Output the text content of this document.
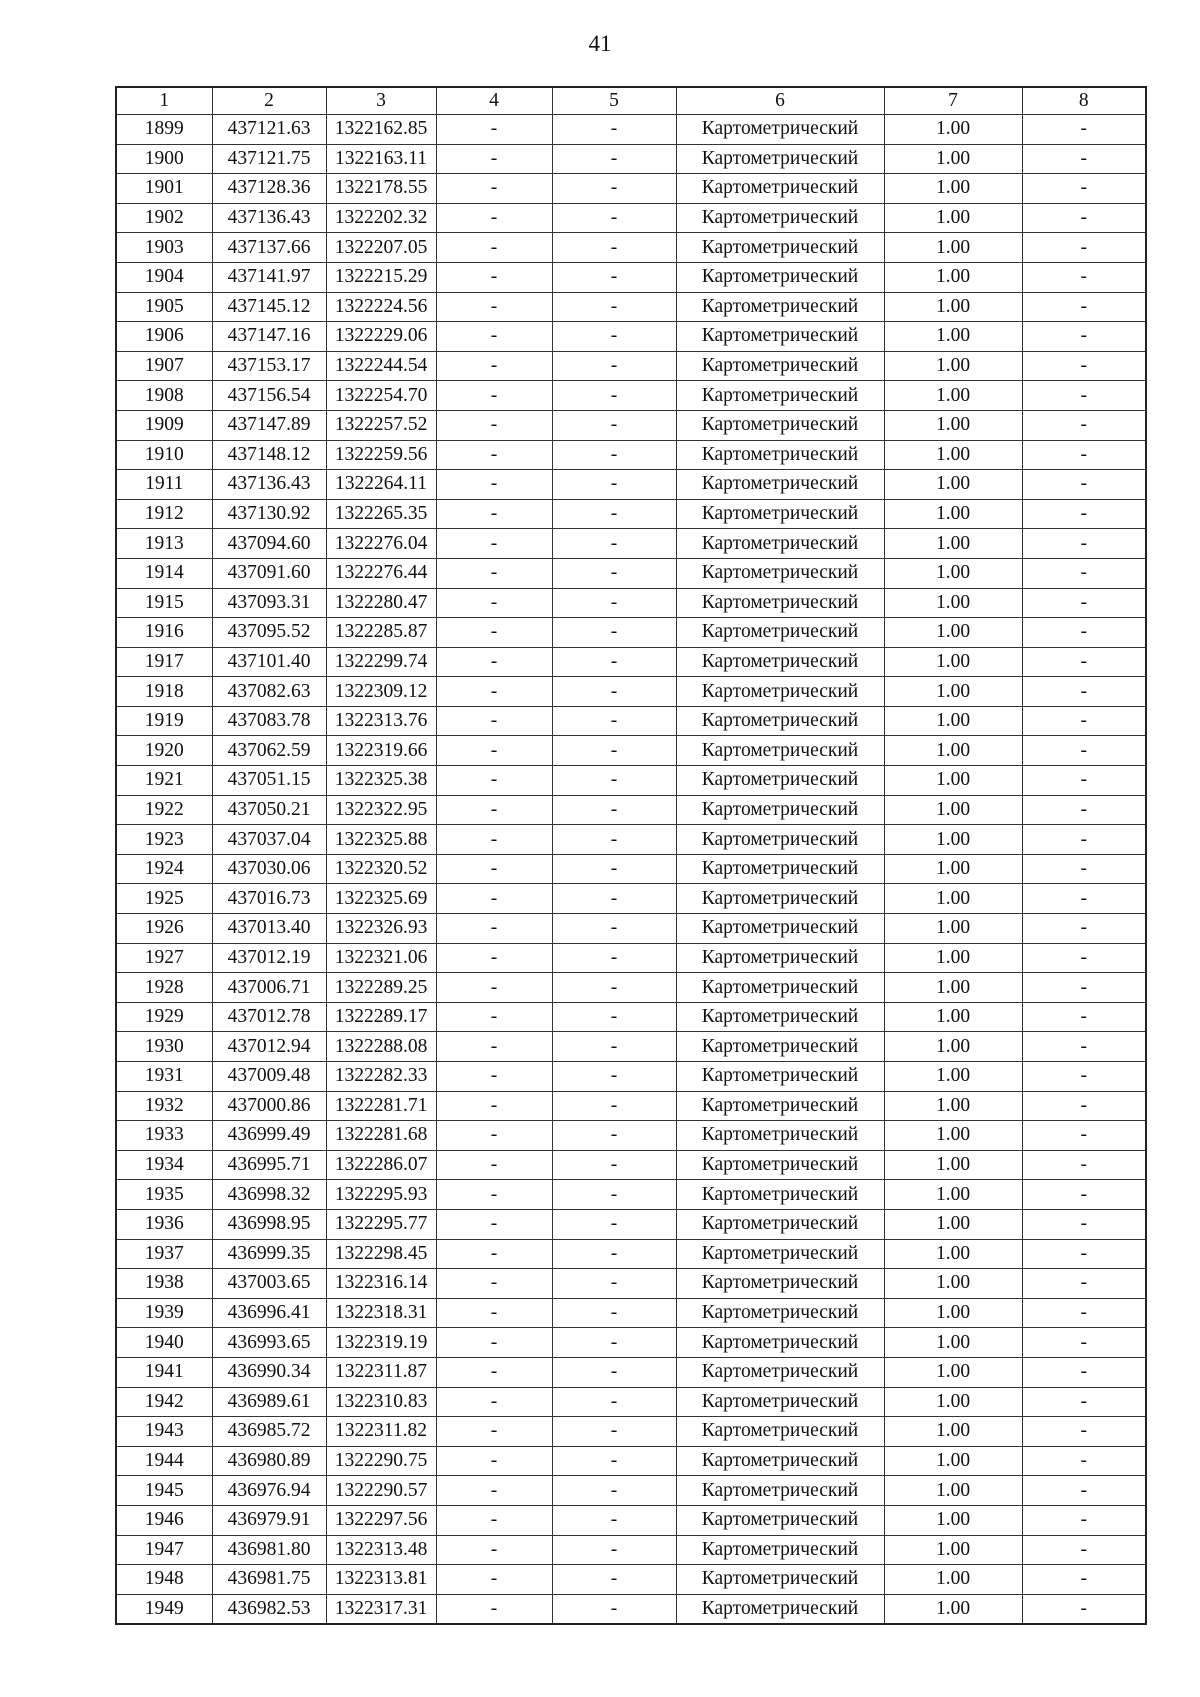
41
1	2	3	4	5	6	7	8
1899	437121.63	1322162.85	-	-	Картометрический	1.00	-
1900	437121.75	1322163.11	-	-	Картометрический	1.00	-
1901	437128.36	1322178.55	-	-	Картометрический	1.00	-
1902	437136.43	1322202.32	-	-	Картометрический	1.00	-
1903	437137.66	1322207.05	-	-	Картометрический	1.00	-
1904	437141.97	1322215.29	-	-	Картометрический	1.00	-
1905	437145.12	1322224.56	-	-	Картометрический	1.00	-
1906	437147.16	1322229.06	-	-	Картометрический	1.00	-
1907	437153.17	1322244.54	-	-	Картометрический	1.00	-
1908	437156.54	1322254.70	-	-	Картометрический	1.00	-
1909	437147.89	1322257.52	-	-	Картометрический	1.00	-
1910	437148.12	1322259.56	-	-	Картометрический	1.00	-
1911	437136.43	1322264.11	-	-	Картометрический	1.00	-
1912	437130.92	1322265.35	-	-	Картометрический	1.00	-
1913	437094.60	1322276.04	-	-	Картометрический	1.00	-
1914	437091.60	1322276.44	-	-	Картометрический	1.00	-
1915	437093.31	1322280.47	-	-	Картометрический	1.00	-
1916	437095.52	1322285.87	-	-	Картометрический	1.00	-
1917	437101.40	1322299.74	-	-	Картометрический	1.00	-
1918	437082.63	1322309.12	-	-	Картометрический	1.00	-
1919	437083.78	1322313.76	-	-	Картометрический	1.00	-
1920	437062.59	1322319.66	-	-	Картометрический	1.00	-
1921	437051.15	1322325.38	-	-	Картометрический	1.00	-
1922	437050.21	1322322.95	-	-	Картометрический	1.00	-
1923	437037.04	1322325.88	-	-	Картометрический	1.00	-
1924	437030.06	1322320.52	-	-	Картометрический	1.00	-
1925	437016.73	1322325.69	-	-	Картометрический	1.00	-
1926	437013.40	1322326.93	-	-	Картометрический	1.00	-
1927	437012.19	1322321.06	-	-	Картометрический	1.00	-
1928	437006.71	1322289.25	-	-	Картометрический	1.00	-
1929	437012.78	1322289.17	-	-	Картометрический	1.00	-
1930	437012.94	1322288.08	-	-	Картометрический	1.00	-
1931	437009.48	1322282.33	-	-	Картометрический	1.00	-
1932	437000.86	1322281.71	-	-	Картометрический	1.00	-
1933	436999.49	1322281.68	-	-	Картометрический	1.00	-
1934	436995.71	1322286.07	-	-	Картометрический	1.00	-
1935	436998.32	1322295.93	-	-	Картометрический	1.00	-
1936	436998.95	1322295.77	-	-	Картометрический	1.00	-
1937	436999.35	1322298.45	-	-	Картометрический	1.00	-
1938	437003.65	1322316.14	-	-	Картометрический	1.00	-
1939	436996.41	1322318.31	-	-	Картометрический	1.00	-
1940	436993.65	1322319.19	-	-	Картометрический	1.00	-
1941	436990.34	1322311.87	-	-	Картометрический	1.00	-
1942	436989.61	1322310.83	-	-	Картометрический	1.00	-
1943	436985.72	1322311.82	-	-	Картометрический	1.00	-
1944	436980.89	1322290.75	-	-	Картометрический	1.00	-
1945	436976.94	1322290.57	-	-	Картометрический	1.00	-
1946	436979.91	1322297.56	-	-	Картометрический	1.00	-
1947	436981.80	1322313.48	-	-	Картометрический	1.00	-
1948	436981.75	1322313.81	-	-	Картометрический	1.00	-
1949	436982.53	1322317.31	-	-	Картометрический	1.00	-
